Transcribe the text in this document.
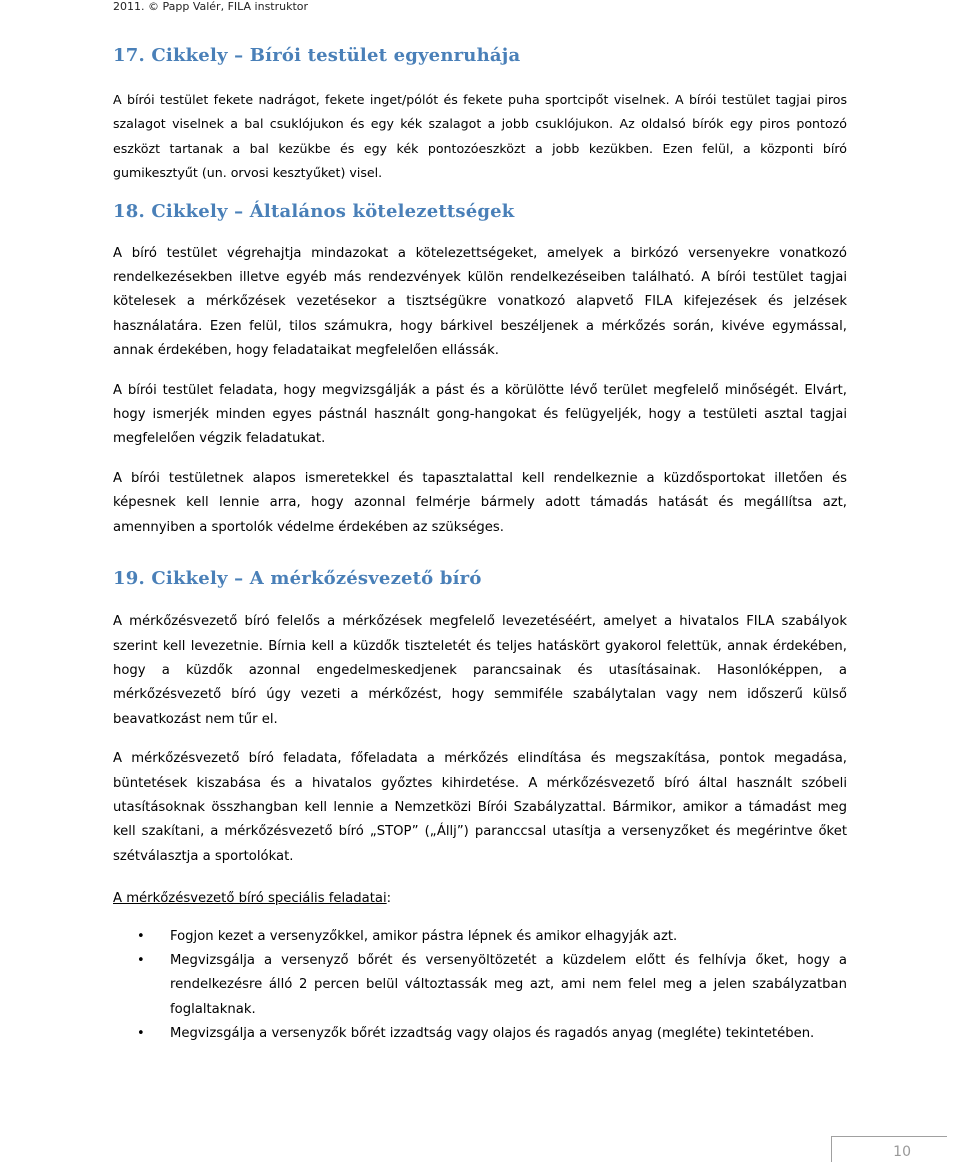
2011. © Papp Valér, FILA instruktor
17. Cikkely – Bírói testület egyenruhája

A bírói testület fekete nadrágot, fekete inget/pólót és fekete puha sportcipőt viselnek. A bírói testület tagjai piros szalagot viselnek a bal csuklójukon és egy kék szalagot a jobb csuklójukon. Az oldalsó bírók egy piros pontozó eszközt tartanak a bal kezükbe és egy kék pontozóeszközt a jobb kezükben. Ezen felül, a központi bíró gumikesztyűt (un. orvosi kesztyűket) visel.

18. Cikkely – Általános kötelezettségek

A bíró testület végrehajtja mindazokat a kötelezettségeket, amelyek a birkózó versenyekre vonatkozó rendelkezésekben illetve egyéb más rendezvények külön rendelkezéseiben található. A bírói testület tagjai kötelesek a mérkőzések vezetésekor a tisztségükre vonatkozó alapvető FILA kifejezések és jelzések használatára. Ezen felül, tilos számukra, hogy bárkivel beszéljenek a mérkőzés során, kivéve egymással, annak érdekében, hogy feladataikat megfelelően ellássák.

A bírói testület feladata, hogy megvizsgálják a pást és a körülötte lévő terület megfelelő minőségét. Elvárt, hogy ismerjék minden egyes pástnál használt gong-hangokat és felügyeljék, hogy a testületi asztal tagjai megfelelően végzik feladatukat.

A bírói testületnek alapos ismeretekkel és tapasztalattal kell rendelkeznie a küzdősportokat illetően és képesnek kell lennie arra, hogy azonnal felmérje bármely adott támadás hatását és megállítsa azt, amennyiben a sportolók védelme érdekében az szükséges.

19. Cikkely – A mérkőzésvezető bíró

A mérkőzésvezető bíró felelős a mérkőzések megfelelő levezetéséért, amelyet a hivatalos FILA szabályok szerint kell levezetnie. Bírnia kell a küzdők tiszteletét és teljes hatáskört gyakorol felettük, annak érdekében, hogy a küzdők azonnal engedelmeskedjenek parancsainak és utasításainak. Hasonlóképpen, a mérkőzésvezető bíró úgy vezeti a mérkőzést, hogy semmiféle szabálytalan vagy nem időszerű külső beavatkozást nem tűr el.

A mérkőzésvezető bíró feladata, főfeladata a mérkőzés elindítása és megszakítása, pontok megadása, büntetések kiszabása és a hivatalos győztes kihirdetése. A mérkőzésvezető bíró által használt szóbeli utasításoknak összhangban kell lennie a Nemzetközi Bírói Szabályzattal. Bármikor, amikor a támadást meg kell szakítani, a mérkőzésvezető bíró „STOP” („Állj”) paranccsal utasítja a versenyzőket és megérintve őket szétválasztja a sportolókat.

A mérkőzésvezető bíró speciális feladatai:

• Fogjon kezet a versenyzőkkel, amikor pástra lépnek és amikor elhagyják azt.
• Megvizsgálja a versenyző bőrét és versenyöltözetét a küzdelem előtt és felhívja őket, hogy a rendelkezésre álló 2 percen belül változtassák meg azt, ami nem felel meg a jelen szabályzatban foglaltaknak.
• Megvizsgálja a versenyzők bőrét izzadtság vagy olajos és ragadós anyag (megléte) tekintetében.
10
